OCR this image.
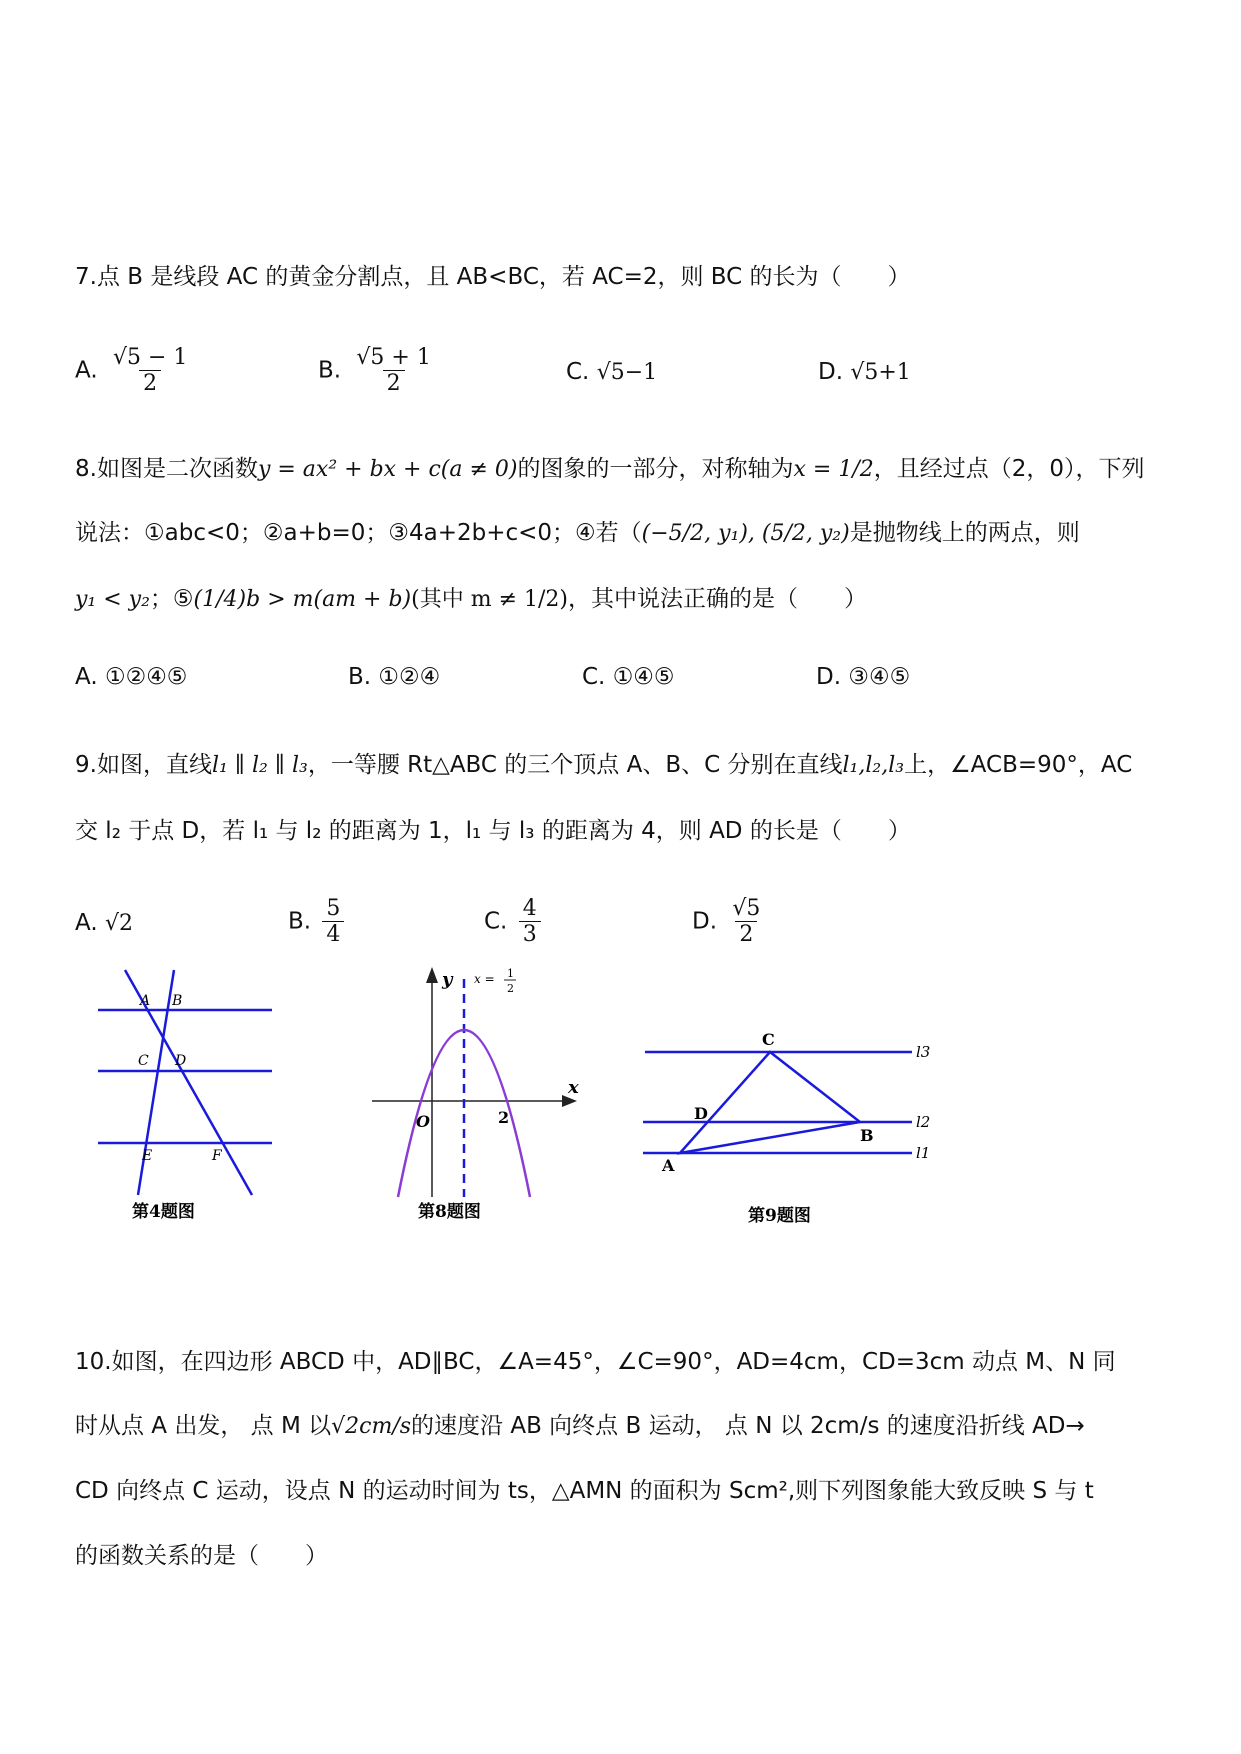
7.点 B 是线段 AC 的黄金分割点，且 AB<BC，若 AC=2，则 BC 的长为（　　）
A. $\frac{√5 - 1}{2}$	B. $\frac{√5 + 1}{2}$	C. √5−1	D. √5+1
8.如图是二次函数y = ax² + bx + c(a ≠ 0)的图象的一部分，对称轴为x = 1/2，且经过点（2，0），下列
说法：①abc<0；②a+b=0；③4a+2b+c<0；④若（(−5/2, y₁), (5/2, y₂)是抛物线上的两点，则
y₁ < y₂；⑤(1/4)b > m(am + b)(其中 m ≠ 1/2)，其中说法正确的是（　　）
A. ①②④⑤	B. ①②④	C. ①④⑤	D. ③④⑤
9.如图，直线l₁ ∥ l₂ ∥ l₃，一等腰 Rt△ABC 的三个顶点 A、B、C 分别在直线l₁,l₂,l₃上，∠ACB=90°，AC
交 l₂ 于点 D，若 l₁ 与 l₂ 的距离为 1，l₁ 与 l₃ 的距离为 4，则 AD 的长是（　　）
A. √2	B. $\frac{5}{4}$	C. $\frac{4}{3}$	D. $\frac{√5}{2}$
A B
C D
E	F
第4题图
y
x
O	2
x = 1
2
第8题图
C
D
B
A
l3
l2
l1
第9题图
10.如图，在四边形 ABCD 中，AD∥BC，∠A=45°，∠C=90°，AD=4cm，CD=3cm 动点 M、N 同
时从点 A 出发， 点 M 以√2cm/s的速度沿 AB 向终点 B 运动， 点 N 以 2cm/s 的速度沿折线 AD→
CD 向终点 C 运动，设点 N 的运动时间为 ts，△AMN 的面积为 Scm²,则下列图象能大致反映 S 与 t
的函数关系的是（　　）
